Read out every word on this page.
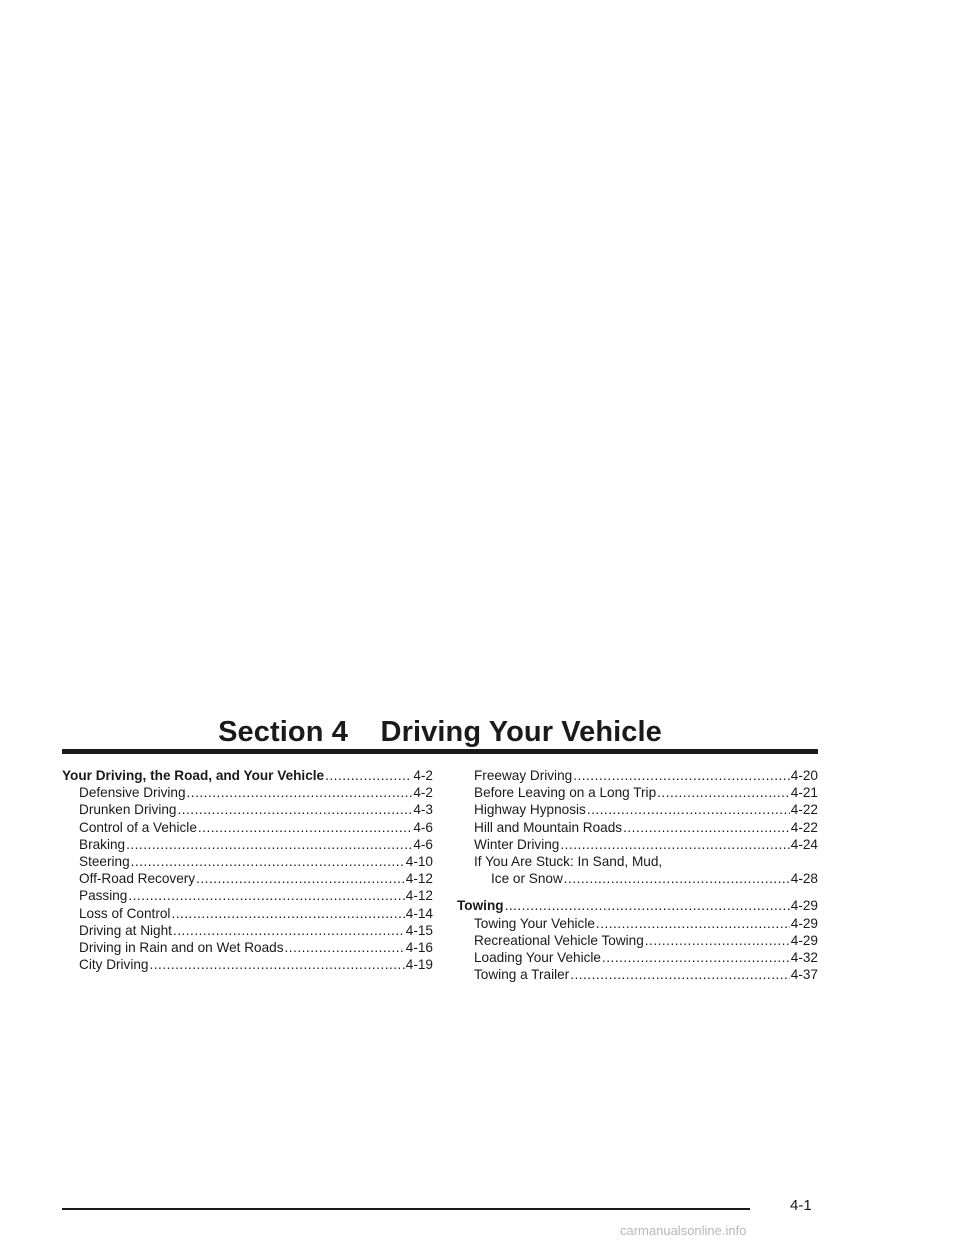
Section 4    Driving Your Vehicle
Your Driving, the Road, and Your Vehicle .....	4-2
Defensive Driving .....	4-2
Drunken Driving .....	4-3
Control of a Vehicle .....	4-6
Braking .....	4-6
Steering .....	4-10
Off-Road Recovery .....	4-12
Passing .....	4-12
Loss of Control .....	4-14
Driving at Night .....	4-15
Driving in Rain and on Wet Roads .....	4-16
City Driving .....	4-19
Freeway Driving .....	4-20
Before Leaving on a Long Trip .....	4-21
Highway Hypnosis .....	4-22
Hill and Mountain Roads .....	4-22
Winter Driving .....	4-24
If You Are Stuck: In Sand, Mud,
Ice or Snow .....	4-28
Towing .....	4-29
Towing Your Vehicle .....	4-29
Recreational Vehicle Towing .....	4-29
Loading Your Vehicle .....	4-32
Towing a Trailer .....	4-37
4-1
carmanualsonline.info
